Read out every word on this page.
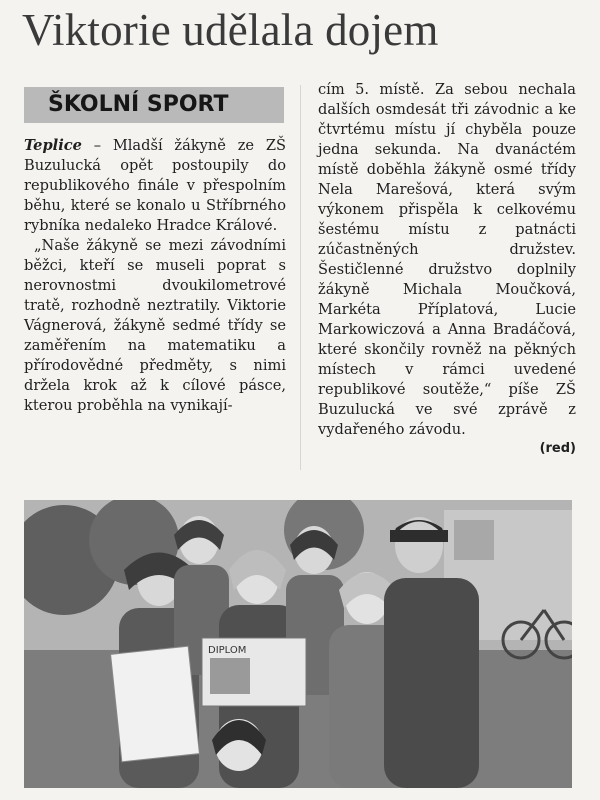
Viktorie udělala dojem
ŠKOLNÍ SPORT

Teplice – Mladší žákyně ze ZŠ Buzulucká opět postoupily do republikového finále v přespolním běhu, které se konalo u Stříbrného rybníka nedaleko Hradce Králové.

„Naše žákyně se mezi závodními běžci, kteří se museli poprat s nerovnostmi dvoukilometrové tratě, rozhodně neztratily. Viktorie Vágnerová, žákyně sedmé třídy se zaměřením na matematiku a přírodovědné předměty, s nimi držela krok až k cílové pásce, kterou proběhla na vynikají-

cím 5. místě. Za sebou nechala dalších osmdesát tři závodnic a ke čtvrtému místu jí chyběla pouze jedna sekunda. Na dvanáctém místě doběhla žákyně osmé třídy Nela Marešová, která svým výkonem přispěla k celkovému šestému místu z patnácti zúčastněných družstev. Šestičlenné družstvo doplnily žákyně Michala Moučková, Markéta Příplatová, Lucie Markowiczová a Anna Bradáčová, které skončily rovněž na pěkných místech v rámci uvedené republikové soutěže,“ píše ZŠ Buzulucká ve své zprávě z vydařeného závodu.

(red)
DIPLOM
